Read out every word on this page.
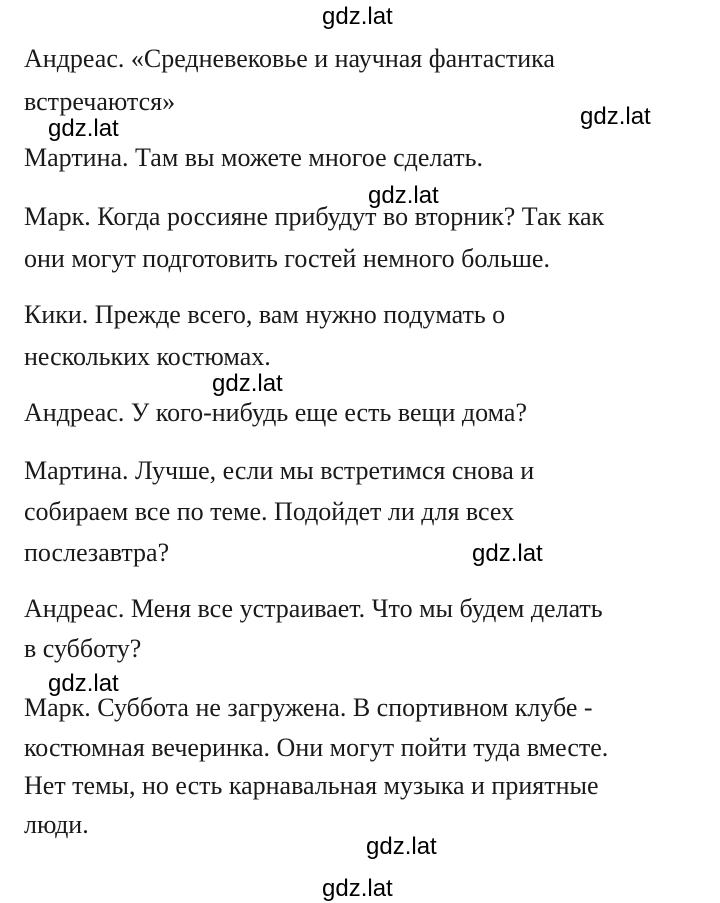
Андреас. «Средневековье и научная фантастика

встречаются»

Мартина. Там вы можете многое сделать.

Марк. Когда россияне прибудут во вторник? Так как

они могут подготовить гостей немного больше.

Кики. Прежде всего, вам нужно подумать о

нескольких костюмах.

Андреас. У кого-нибудь еще есть вещи дома?

Мартина. Лучше, если мы встретимся снова и

собираем все по теме. Подойдет ли для всех

послезавтра?

Андреас. Меня все устраивает. Что мы будем делать

в субботу?

Марк. Суббота не загружена. В спортивном клубе -

костюмная вечеринка. Они могут пойти туда вместе.

Нет темы, но есть карнавальная музыка и приятные

люди.

gdz.lat

gdz.lat	gdz.lat

gdz.lat

gdz.lat

gdz.lat

gdz.lat

gdz.lat

gdz.lat
